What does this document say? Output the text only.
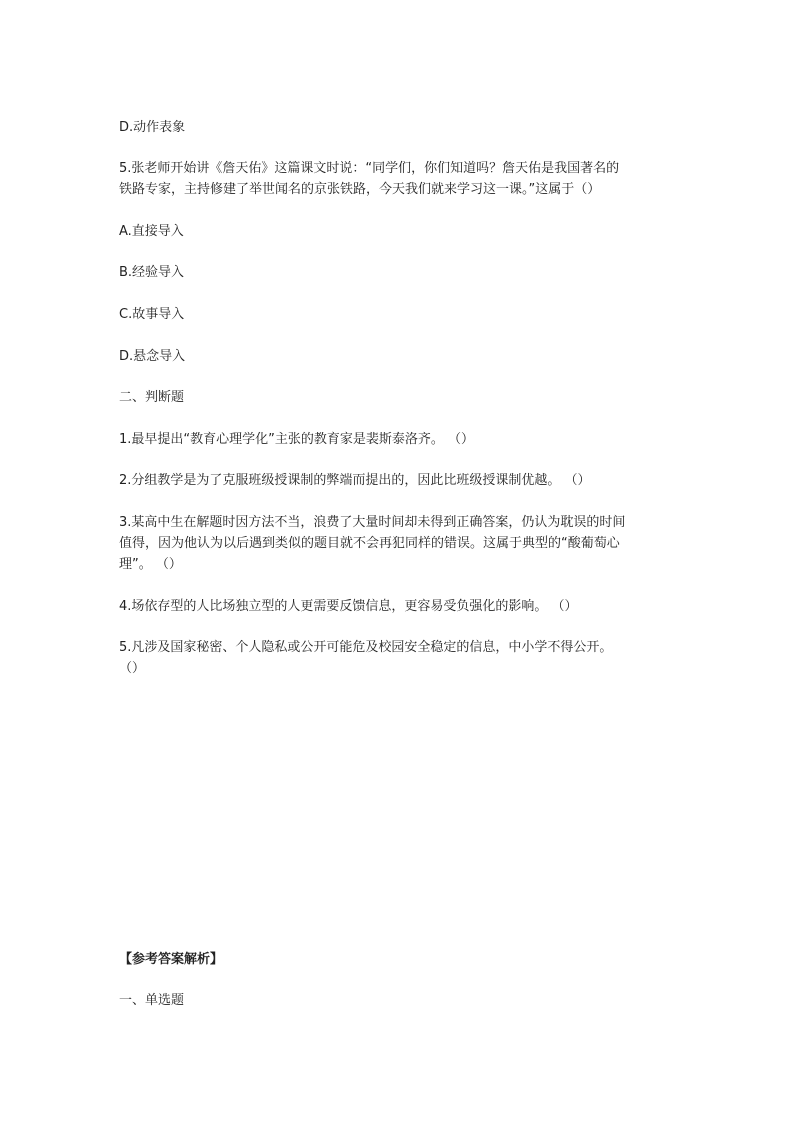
D.动作表象
5.张老师开始讲《詹天佑》这篇课文时说：“同学们，你们知道吗？詹天佑是我国著名的
铁路专家，主持修建了举世闻名的京张铁路，今天我们就来学习这一课。”这属于（）
A.直接导入
B.经验导入
C.故事导入
D.悬念导入
二、判断题
1.最早提出“教育心理学化”主张的教育家是裴斯泰洛齐。 （）
2.分组教学是为了克服班级授课制的弊端而提出的，因此比班级授课制优越。 （）
3.某高中生在解题时因方法不当，浪费了大量时间却未得到正确答案，仍认为耽误的时间
值得，因为他认为以后遇到类似的题目就不会再犯同样的错误。这属于典型的“酸葡萄心
理”。 （）
4.场依存型的人比场独立型的人更需要反馈信息，更容易受负强化的影响。 （）
5.凡涉及国家秘密、个人隐私或公开可能危及校园安全稳定的信息，中小学不得公开。
（）
【参考答案解析】
一、单选题
